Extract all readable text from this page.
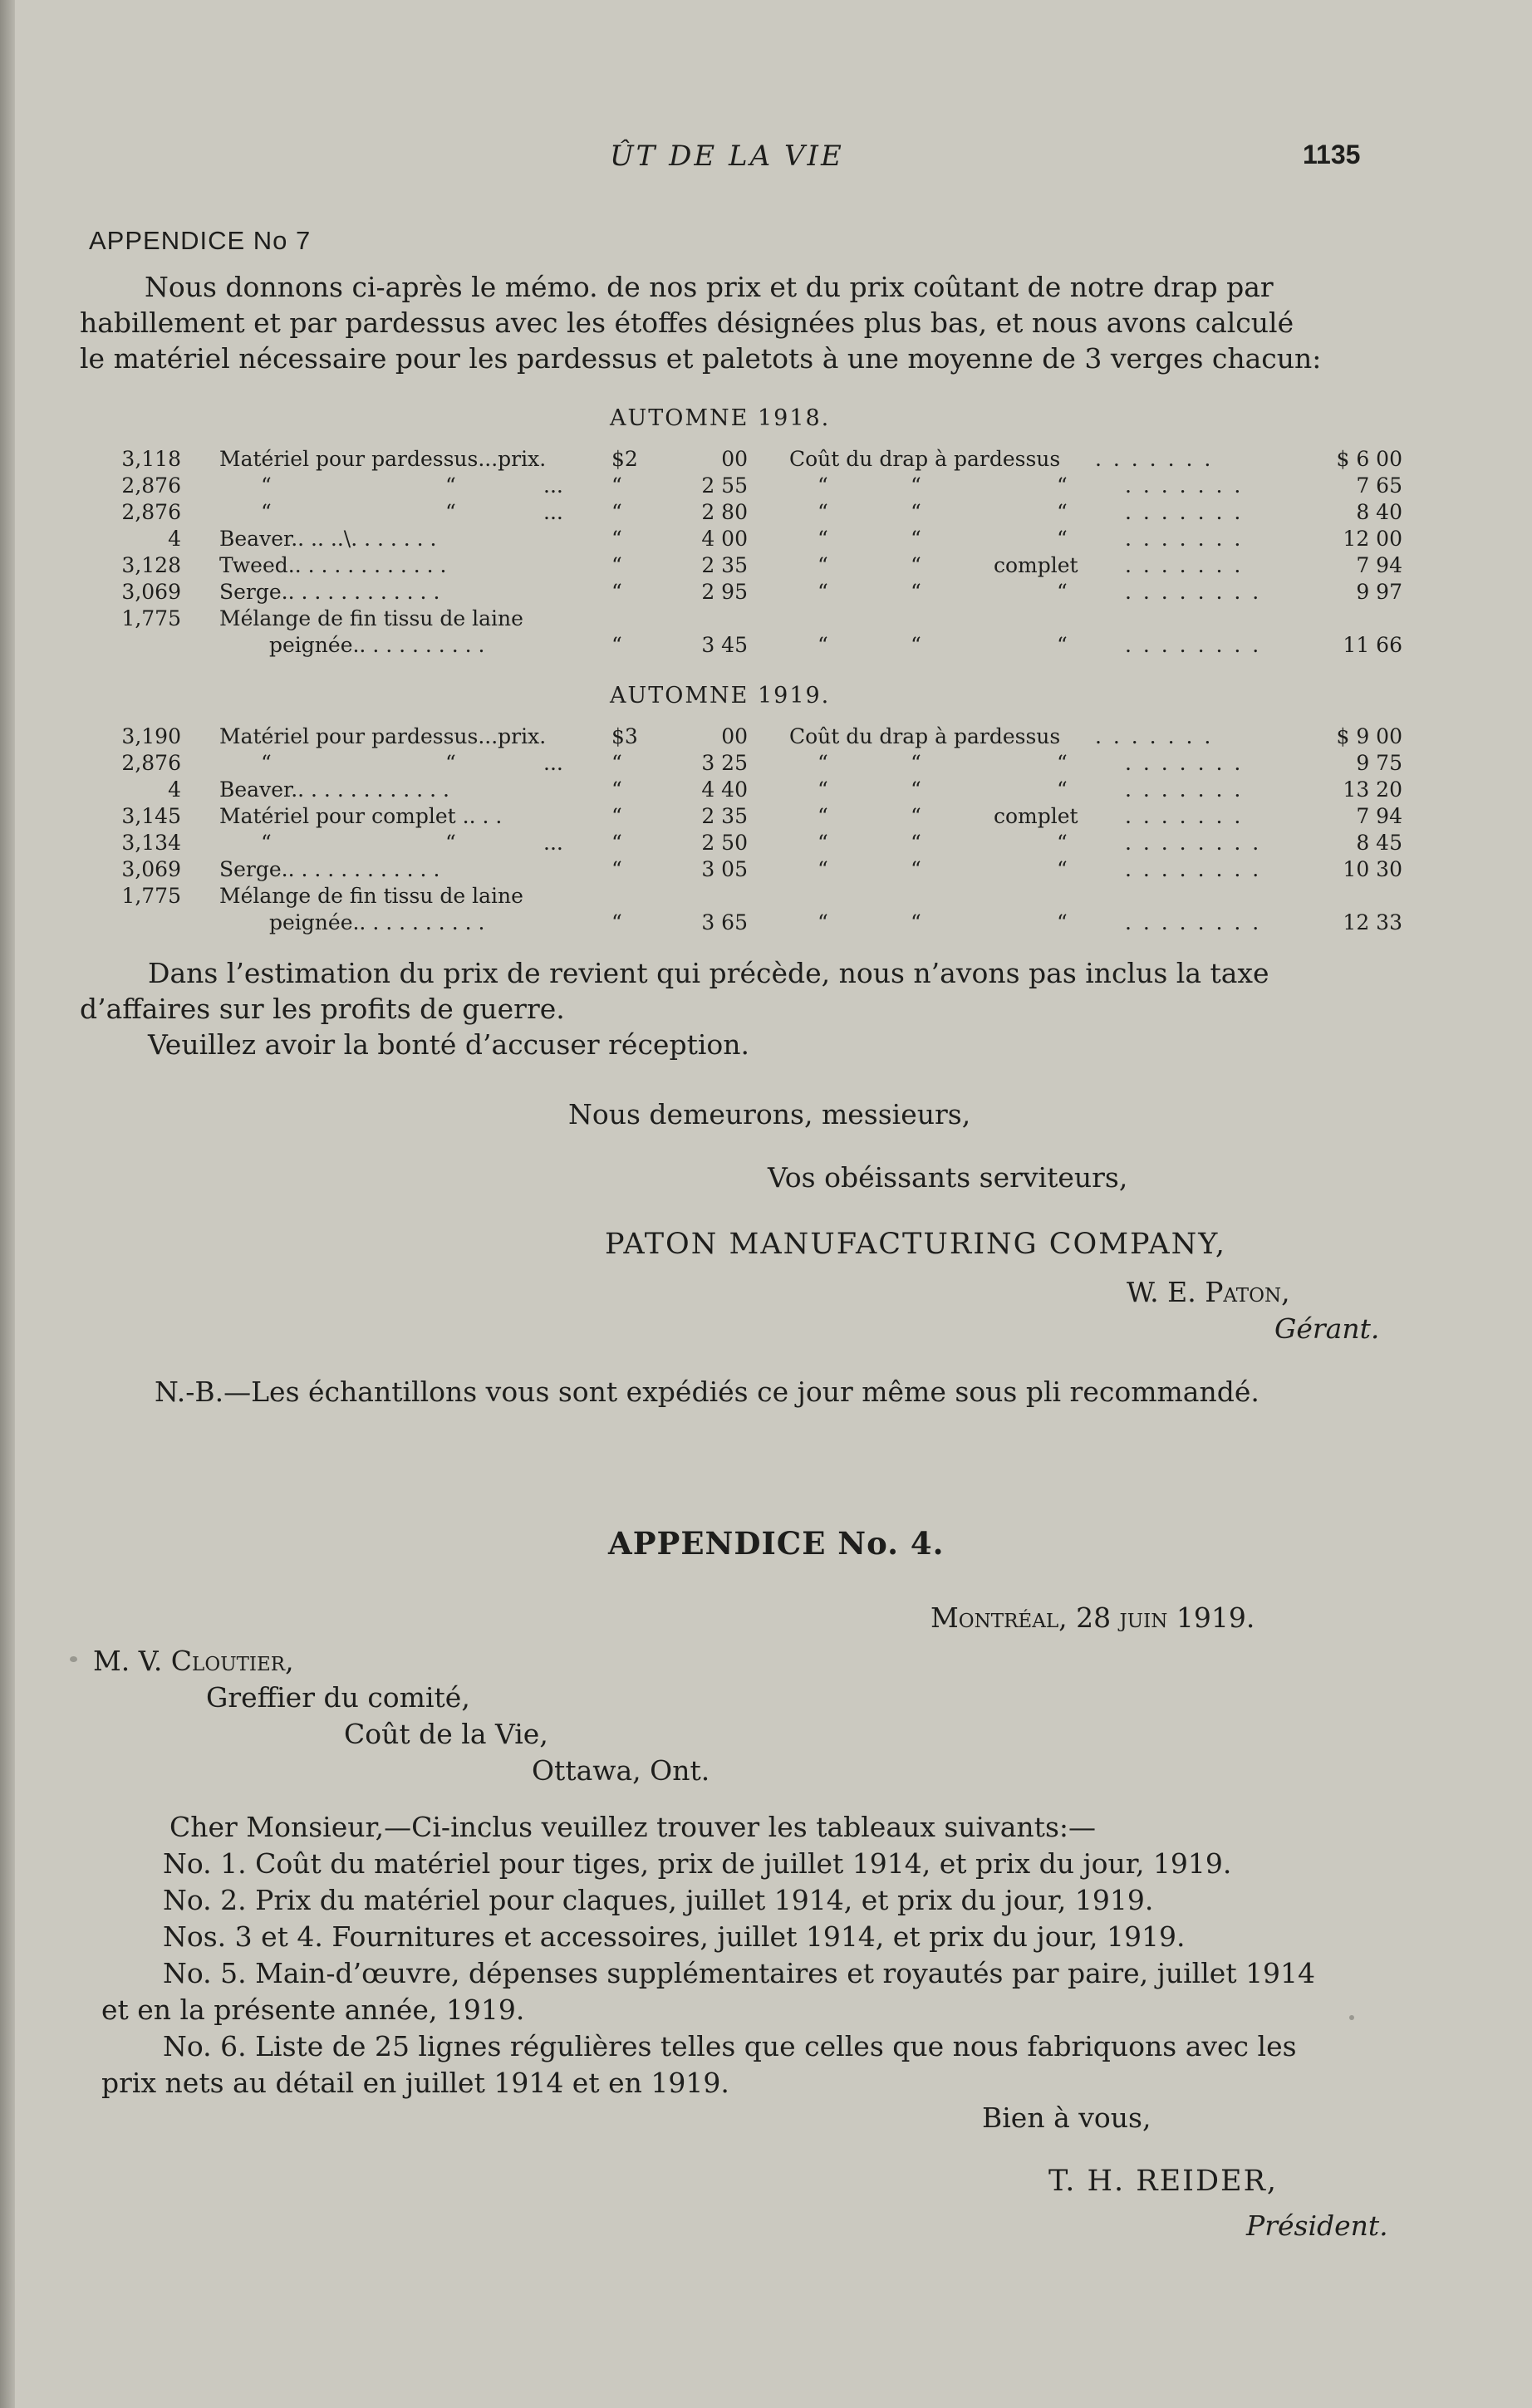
ÛT DE LA VIE	1135
APPENDICE No 7
Nous donnons ci-après le mémo. de nos prix et du prix coûtant de notre drap par
habillement et par pardessus avec les étoffes désignées plus bas, et nous avons calculé
le matériel nécessaire pour les pardessus et paletots à une moyenne de 3 verges chacun:
AUTOMNE 1918.
3,118 Matériel pour pardessus...prix.	$2	00 Coût du drap à pardessus . . . . . . .	$ 6 00
2,876	“	“	... “	2 55	“	“	“	. . . . . . .	7 65
2,876	“	“	... “	2 80	“	“	“	. . . . . . .	8 40
4 Beaver.. .. ..\. . . . . . .	“	4 00	“	“	“	. . . . . . .	12 00
3,128 Tweed.. . . . . . . . . . . .	“	2 35	“	“	complet . . . . . . .	7 94
3,069 Serge.. . . . . . . . . . . .	“	2 95	“	“	“	. . . . . . . .	9 97
1,775 Mélange de fin tissu de laine
peignée.. . . . . . . . . .	“	3 45	“	“	“	. . . . . . . .	11 66
AUTOMNE 1919.
3,190 Matériel pour pardessus...prix.	$3	00 Coût du drap à pardessus . . . . . . .	$ 9 00
2,876	“	“	... “	3 25	“	“	“	. . . . . . .	9 75
4 Beaver.. . . . . . . . . . . .	“	4 40	“	“	“	. . . . . . .	13 20
3,145 Matériel pour complet .. . .	“	2 35	“	“	complet . . . . . . .	7 94
3,134	“	“	... “	2 50	“	“	“	. . . . . . . .	8 45
3,069 Serge.. . . . . . . . . . . .	“	3 05	“	“	“	. . . . . . . .	10 30
1,775 Mélange de fin tissu de laine
peignée.. . . . . . . . . .	“	3 65	“	“	“	. . . . . . . .	12 33
Dans l’estimation du prix de revient qui précède, nous n’avons pas inclus la taxe
d’affaires sur les profits de guerre.
Veuillez avoir la bonté d’accuser réception.
Nous demeurons, messieurs,
Vos obéissants serviteurs,
PATON MANUFACTURING COMPANY,
W. E. Paton,
Gérant.
N.-B.—Les échantillons vous sont expédiés ce jour même sous pli recommandé.
APPENDICE No. 4.
Montréal, 28 juin 1919.
M. V. Cloutier,
Greffier du comité,
Coût de la Vie,
Ottawa, Ont.
Cher Monsieur,—Ci-inclus veuillez trouver les tableaux suivants:—
No. 1. Coût du matériel pour tiges, prix de juillet 1914, et prix du jour, 1919.
No. 2. Prix du matériel pour claques, juillet 1914, et prix du jour, 1919.
Nos. 3 et 4. Fournitures et accessoires, juillet 1914, et prix du jour, 1919.
No. 5. Main-d’œuvre, dépenses supplémentaires et royautés par paire, juillet 1914
et en la présente année, 1919.
No. 6. Liste de 25 lignes régulières telles que celles que nous fabriquons avec les
prix nets au détail en juillet 1914 et en 1919.
Bien à vous,
T. H. REIDER,
Président.
